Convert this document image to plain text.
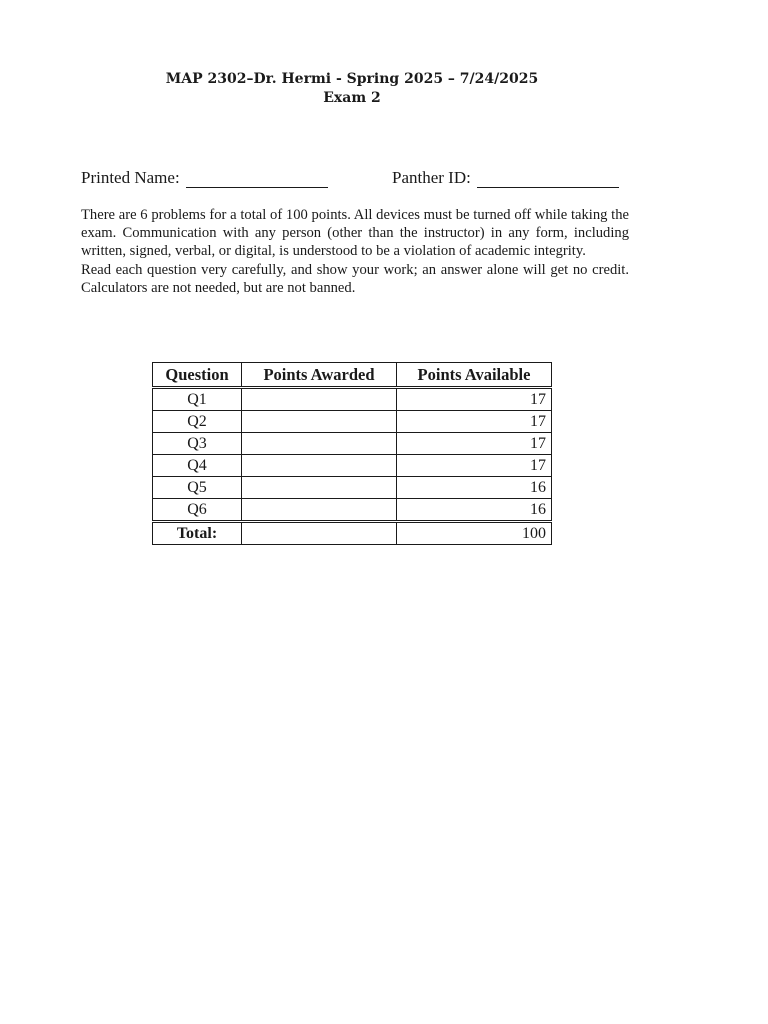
MAP 2302–Dr. Hermi - Spring 2025 – 7/24/2025
Exam 2
Printed Name:	Panther ID:

There are 6 problems for a total of 100 points. All devices must be turned off while taking the exam. Communication with any person (other than the instructor) in any form, including written, signed, verbal, or digital, is understood to be a violation of academic integrity.

Read each question very carefully, and show your work; an answer alone will get no credit. Calculators are not needed, but are not banned.

Question	Points Awarded	Points Available
Q1		17
Q2		17
Q3		17
Q4		17
Q5		16
Q6		16
Total:		100
